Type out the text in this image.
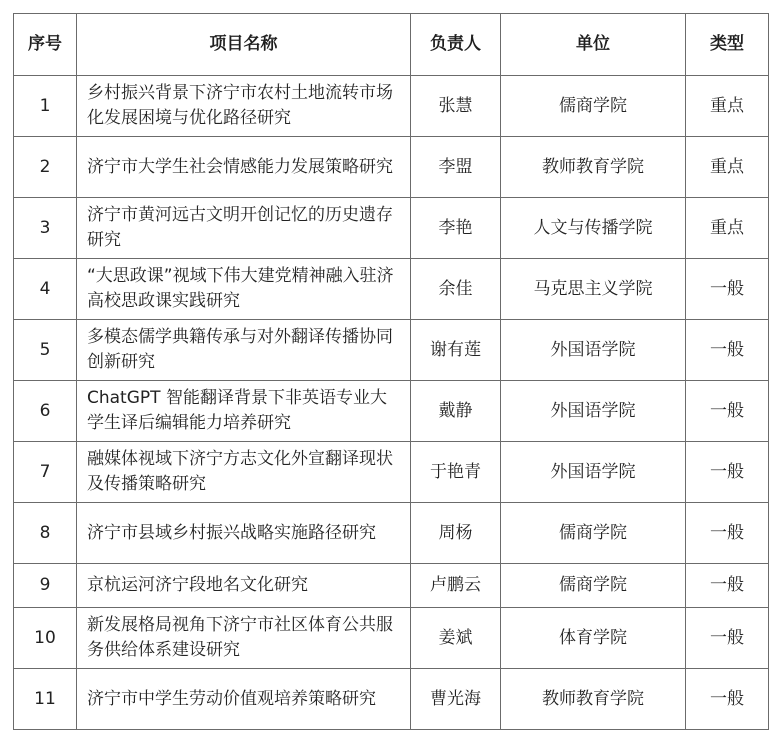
序号	项目名称	负责人	单位	类型
1	乡村振兴背景下济宁市农村土地流转市场化发展困境与优化路径研究	张慧	儒商学院	重点
2	济宁市大学生社会情感能力发展策略研究	李盟	教师教育学院	重点
3	济宁市黄河远古文明开创记忆的历史遗存研究	李艳	人文与传播学院	重点
4	“大思政课”视域下伟大建党精神融入驻济高校思政课实践研究	余佳	马克思主义学院	一般
5	多模态儒学典籍传承与对外翻译传播协同创新研究	谢有莲	外国语学院	一般
6	ChatGPT 智能翻译背景下非英语专业大学生译后编辑能力培养研究	戴静	外国语学院	一般
7	融媒体视域下济宁方志文化外宣翻译现状及传播策略研究	于艳青	外国语学院	一般
8	济宁市县域乡村振兴战略实施路径研究	周杨	儒商学院	一般
9	京杭运河济宁段地名文化研究	卢鹏云	儒商学院	一般
10	新发展格局视角下济宁市社区体育公共服务供给体系建设研究	姜斌	体育学院	一般
11	济宁市中学生劳动价值观培养策略研究	曹光海	教师教育学院	一般
